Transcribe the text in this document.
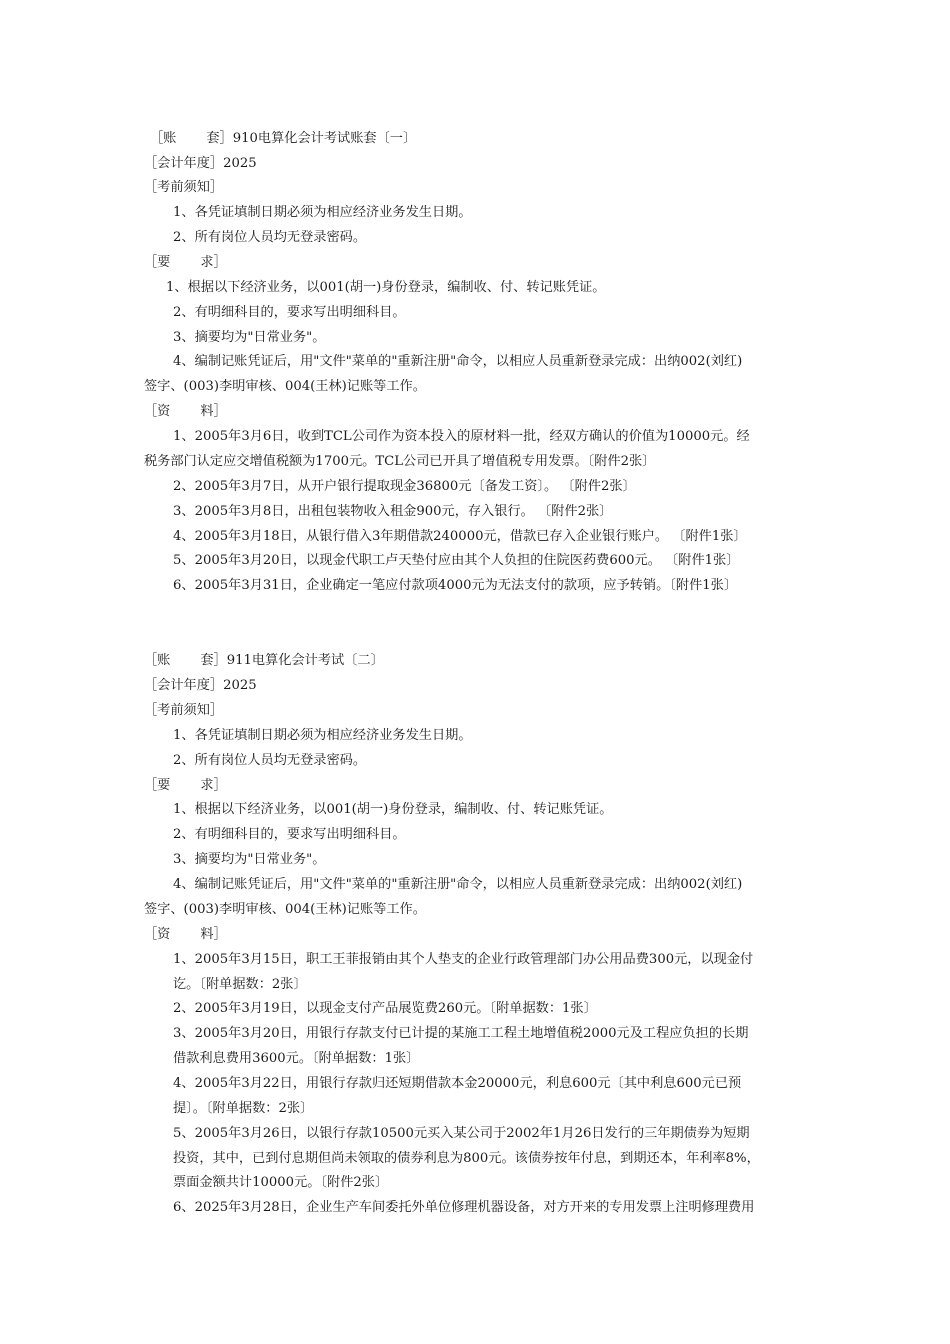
［账 套］910电算化会计考试账套〔一〕
［会计年度］2025
［考前须知］
1、各凭证填制日期必须为相应经济业务发生日期。
2、所有岗位人员均无登录密码。
［要 求］
1、根据以下经济业务，以001(胡一)身份登录，编制收、付、转记账凭证。
2、有明细科目的，要求写出明细科目。
3、摘要均为"日常业务"。
4、编制记账凭证后，用"文件"菜单的"重新注册"命令，以相应人员重新登录完成：出纳002(刘红)
签字、(003)李明审核、004(王林)记账等工作。
［资 料］
1、2005年3月6日，收到TCL公司作为资本投入的原材料一批，经双方确认的价值为10000元。经
税务部门认定应交增值税额为1700元。TCL公司已开具了增值税专用发票。〔附件2张〕
2、2005年3月7日，从开户银行提取现金36800元〔备发工资〕。 〔附件2张〕
3、2005年3月8日，出租包装物收入租金900元，存入银行。 〔附件2张〕
4、2005年3月18日，从银行借入3年期借款240000元，借款已存入企业银行账户。 〔附件1张〕
5、2005年3月20日，以现金代职工卢天垫付应由其个人负担的住院医药费600元。 〔附件1张〕
6、2005年3月31日，企业确定一笔应付款项4000元为无法支付的款项，应予转销。〔附件1张〕
［账 套］911电算化会计考试〔二〕
［会计年度］2025
［考前须知］
1、各凭证填制日期必须为相应经济业务发生日期。
2、所有岗位人员均无登录密码。
［要 求］
1、根据以下经济业务，以001(胡一)身份登录，编制收、付、转记账凭证。
2、有明细科目的，要求写出明细科目。
3、摘要均为"日常业务"。
4、编制记账凭证后，用"文件"菜单的"重新注册"命令，以相应人员重新登录完成：出纳002(刘红)
签字、(003)李明审核、004(王林)记账等工作。
［资 料］
1、2005年3月15日，职工王菲报销由其个人垫支的企业行政管理部门办公用品费300元，以现金付
讫。〔附单据数：2张〕
2、2005年3月19日，以现金支付产品展览费260元。〔附单据数：1张〕
3、2005年3月20日，用银行存款支付已计提的某施工工程土地增值税2000元及工程应负担的长期
借款利息费用3600元。〔附单据数：1张〕
4、2005年3月22日，用银行存款归还短期借款本金20000元，利息600元〔其中利息600元已预
提〕。〔附单据数：2张〕
5、2005年3月26日，以银行存款10500元买入某公司于2002年1月26日发行的三年期债券为短期
投资，其中，已到付息期但尚未领取的债券利息为800元。该债券按年付息，到期还本，年利率8%，
票面金额共计10000元。〔附件2张〕
6、2025年3月28日，企业生产车间委托外单位修理机器设备，对方开来的专用发票上注明修理费用
